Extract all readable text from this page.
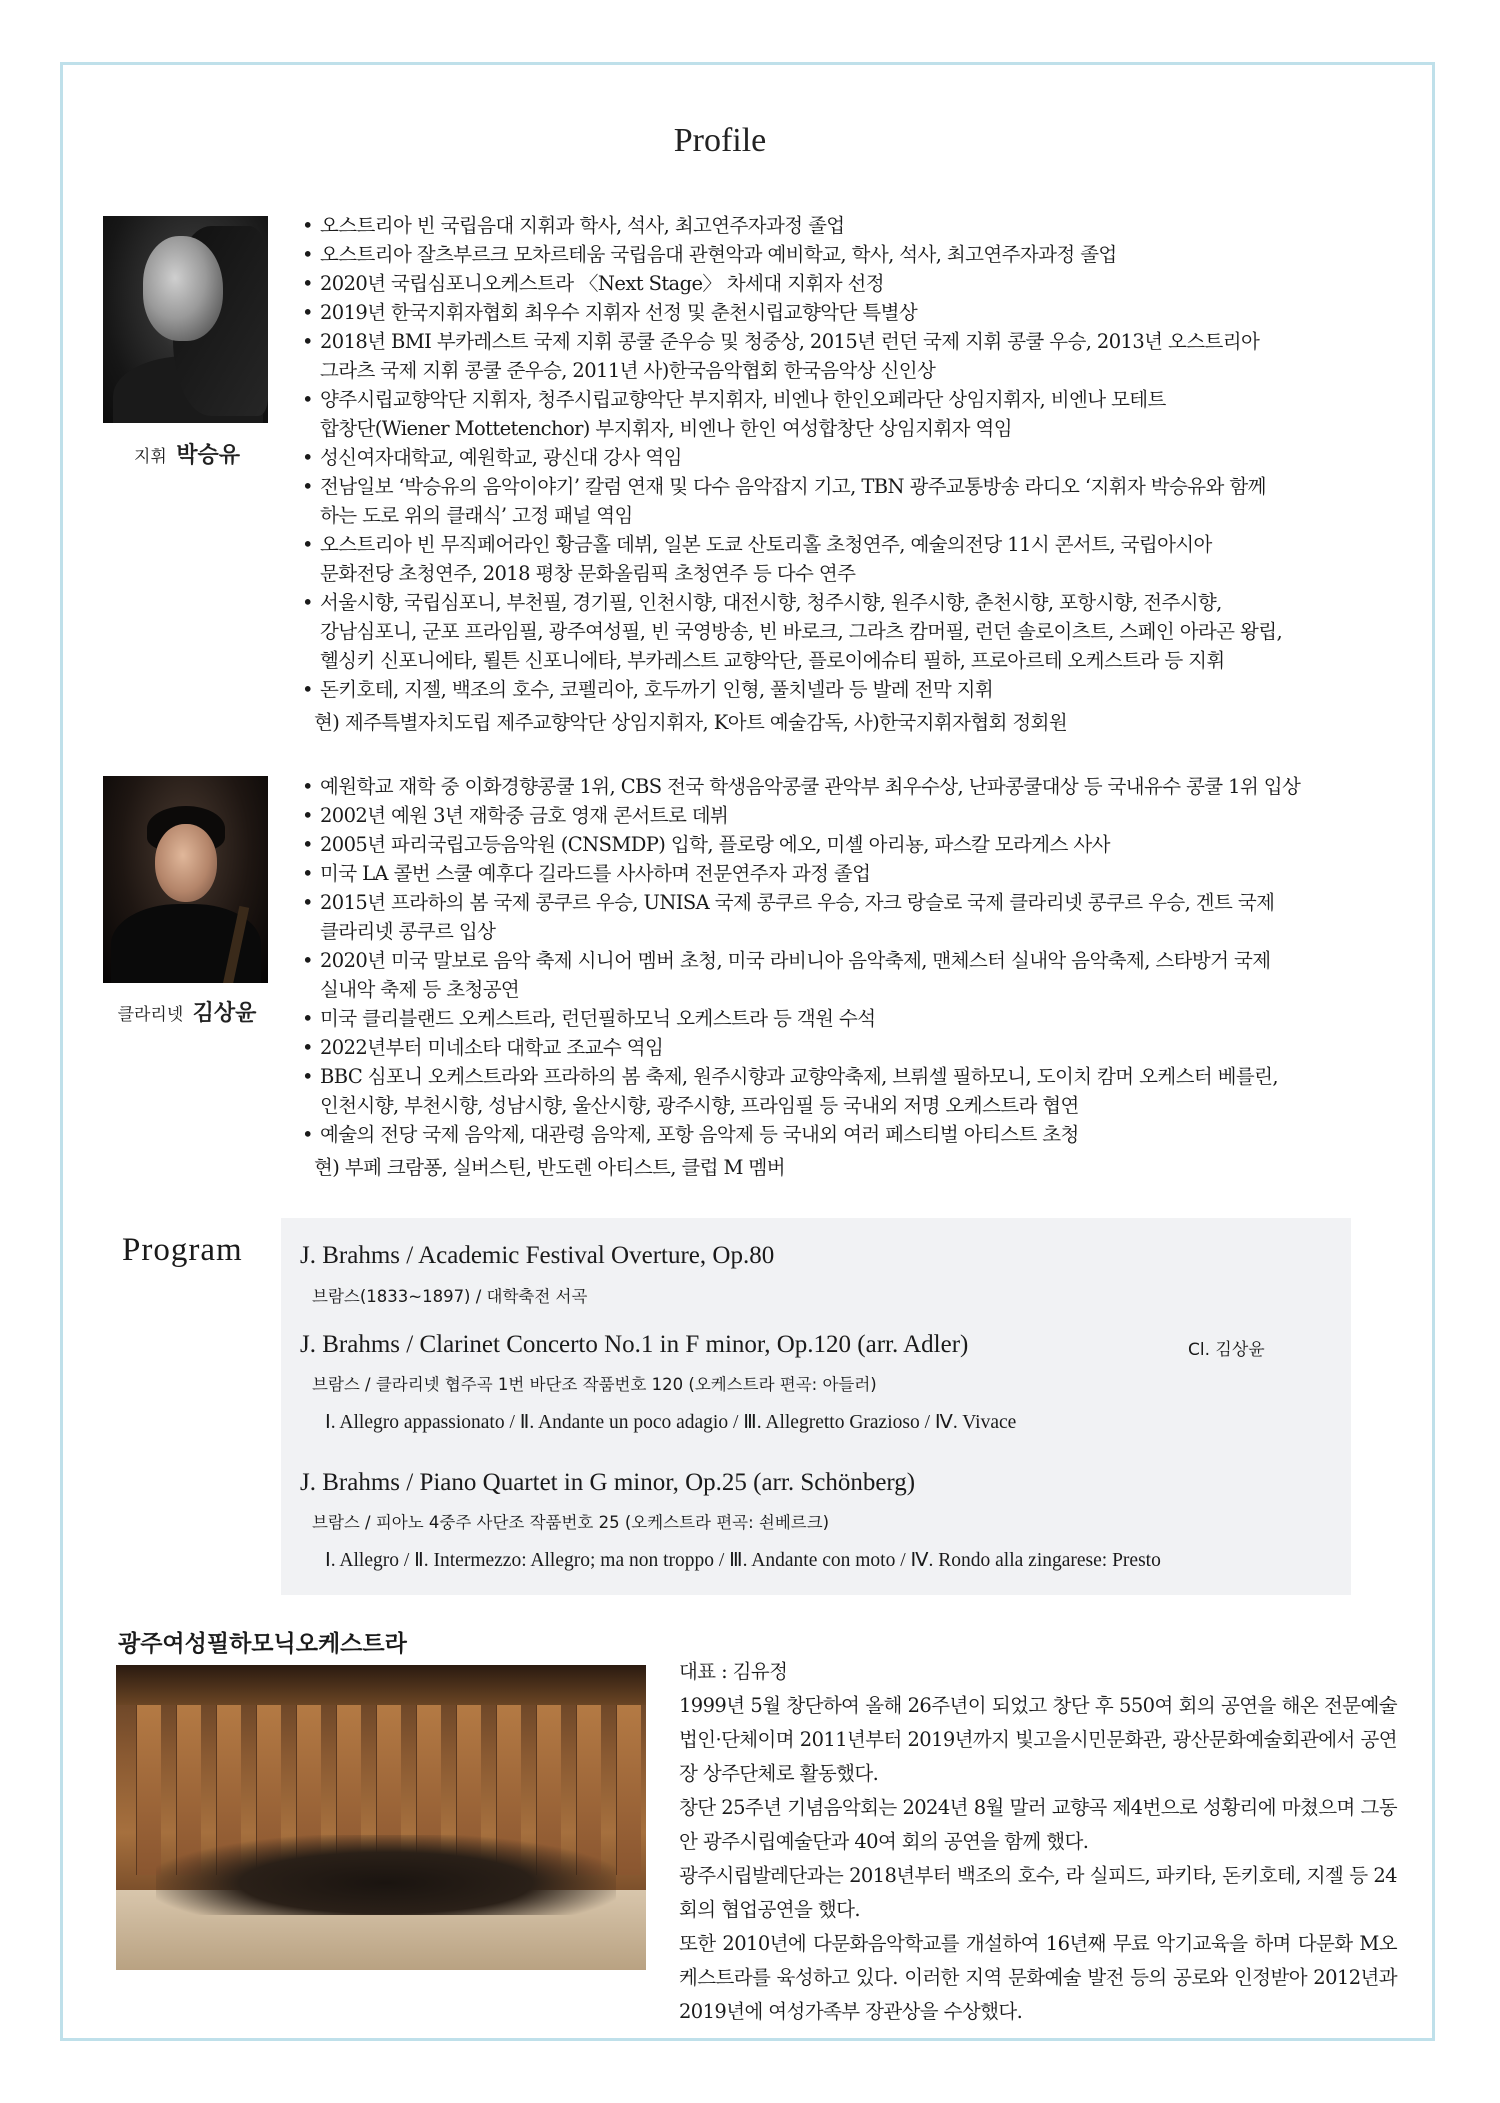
Profile
지휘 박승유
• 오스트리아 빈 국립음대 지휘과 학사, 석사, 최고연주자과정 졸업
• 오스트리아 잘츠부르크 모차르테움 국립음대 관현악과 예비학교, 학사, 석사, 최고연주자과정 졸업
• 2020년 국립심포니오케스트라 〈Next Stage〉 차세대 지휘자 선정
• 2019년 한국지휘자협회 최우수 지휘자 선정 및 춘천시립교향악단 특별상
• 2018년 BMI 부카레스트 국제 지휘 콩쿨 준우승 및 청중상, 2015년 런던 국제 지휘 콩쿨 우승, 2013년 오스트리아
그라츠 국제 지휘 콩쿨 준우승, 2011년 사)한국음악협회 한국음악상 신인상
• 양주시립교향악단 지휘자, 청주시립교향악단 부지휘자, 비엔나 한인오페라단 상임지휘자, 비엔나 모테트
합창단(Wiener Mottetenchor) 부지휘자, 비엔나 한인 여성합창단 상임지휘자 역임
• 성신여자대학교, 예원학교, 광신대 강사 역임
• 전남일보 ‘박승유의 음악이야기’ 칼럼 연재 및 다수 음악잡지 기고, TBN 광주교통방송 라디오 ‘지휘자 박승유와 함께
하는 도로 위의 클래식’ 고정 패널 역임
• 오스트리아 빈 무직페어라인 황금홀 데뷔, 일본 도쿄 산토리홀 초청연주, 예술의전당 11시 콘서트, 국립아시아
문화전당 초청연주, 2018 평창 문화올림픽 초청연주 등 다수 연주
• 서울시향, 국립심포니, 부천필, 경기필, 인천시향, 대전시향, 청주시향, 원주시향, 춘천시향, 포항시향, 전주시향,
강남심포니, 군포 프라임필, 광주여성필, 빈 국영방송, 빈 바로크, 그라츠 캄머필, 런던 솔로이츠트, 스페인 아라곤 왕립,
헬싱키 신포니에타, 뢸튼 신포니에타, 부카레스트 교향악단, 플로이에슈티 필하, 프로아르테 오케스트라 등 지휘
• 돈키호테, 지젤, 백조의 호수, 코펠리아, 호두까기 인형, 풀치넬라 등 발레 전막 지휘
현) 제주특별자치도립 제주교향악단 상임지휘자, K아트 예술감독, 사)한국지휘자협회 정회원
클라리넷 김상윤
• 예원학교 재학 중 이화경향콩쿨 1위, CBS 전국 학생음악콩쿨 관악부 최우수상, 난파콩쿨대상 등 국내유수 콩쿨 1위 입상
• 2002년 예원 3년 재학중 금호 영재 콘서트로 데뷔
• 2005년 파리국립고등음악원 (CNSMDP) 입학, 플로랑 에오, 미셸 아리뇽, 파스칼 모라게스 사사
• 미국 LA 콜번 스쿨 예후다 길라드를 사사하며 전문연주자 과정 졸업
• 2015년 프라하의 봄 국제 콩쿠르 우승, UNISA 국제 콩쿠르 우승, 자크 랑슬로 국제 클라리넷 콩쿠르 우승, 겐트 국제
클라리넷 콩쿠르 입상
• 2020년 미국 말보로 음악 축제 시니어 멤버 초청, 미국 라비니아 음악축제, 맨체스터 실내악 음악축제, 스타방거 국제
실내악 축제 등 초청공연
• 미국 클리블랜드 오케스트라, 런던필하모닉 오케스트라 등 객원 수석
• 2022년부터 미네소타 대학교 조교수 역임
• BBC 심포니 오케스트라와 프라하의 봄 축제, 원주시향과 교향악축제, 브뤼셀 필하모니, 도이치 캄머 오케스터 베를린,
인천시향, 부천시향, 성남시향, 울산시향, 광주시향, 프라임필 등 국내외 저명 오케스트라 협연
• 예술의 전당 국제 음악제, 대관령 음악제, 포항 음악제 등 국내외 여러 페스티벌 아티스트 초청
현) 부페 크람퐁, 실버스틴, 반도렌 아티스트, 클럽 M 멤버
Program J. Brahms / Academic Festival Overture, Op.80
브람스(1833~1897) / 대학축전 서곡
J. Brahms / Clarinet Concerto No.1 in F minor, Op.120 (arr. Adler)	Cl. 김상윤
브람스 / 클라리넷 협주곡 1번 바단조 작품번호 120 (오케스트라 편곡: 아들러)
Ⅰ. Allegro appassionato / Ⅱ. Andante un poco adagio / Ⅲ. Allegretto Grazioso / Ⅳ. Vivace
J. Brahms / Piano Quartet in G minor, Op.25 (arr. Schönberg)
브람스 / 피아노 4중주 사단조 작품번호 25 (오케스트라 편곡: 쇤베르크)
Ⅰ. Allegro / Ⅱ. Intermezzo: Allegro; ma non troppo / Ⅲ. Andante con moto / Ⅳ. Rondo alla zingarese: Presto
광주여성필하모닉오케스트라

대표 : 김유정

1999년 5월 창단하여 올해 26주년이 되었고 창단 후 550여 회의 공연을 해온 전문예술법인·단체이며 2011년부터 2019년까지 빛고을시민문화관, 광산문화예술회관에서 공연장 상주단체로 활동했다.

창단 25주년 기념음악회는 2024년 8월 말러 교향곡 제4번으로 성황리에 마쳤으며 그동안 광주시립예술단과 40여 회의 공연을 함께 했다.

광주시립발레단과는 2018년부터 백조의 호수, 라 실피드, 파키타, 돈키호테, 지젤 등 24회의 협업공연을 했다.

또한 2010년에 다문화음악학교를 개설하여 16년째 무료 악기교육을 하며 다문화 M오케스트라를 육성하고 있다. 이러한 지역 문화예술 발전 등의 공로와 인정받아 2012년과 2019년에 여성가족부 장관상을 수상했다.
